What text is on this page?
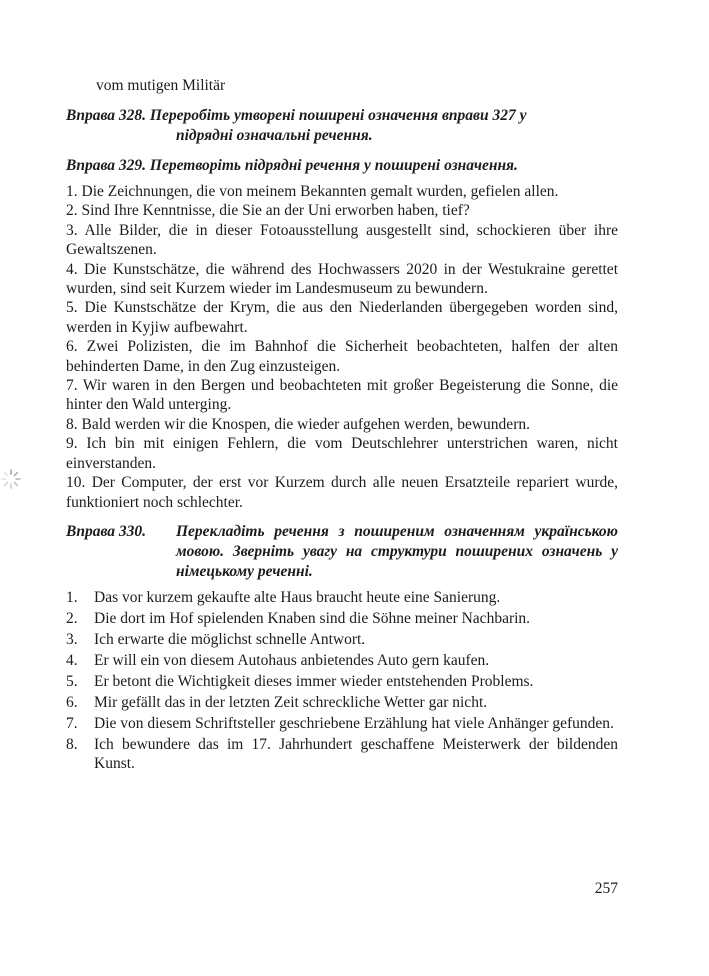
vom mutigen Militär

Вправа 328. Переробіть утворені поширені означення вправи 327 у
підрядні означальні речення.
Вправа 329. Перетворіть підрядні речення у поширені означення.

1. Die Zeichnungen, die von meinem Bekannten gemalt wurden, gefielen allen.

2. Sind Ihre Kenntnisse, die Sie an der Uni erworben haben, tief?

3. Alle Bilder, die in dieser Fotoausstellung ausgestellt sind, schockieren über ihre Gewaltszenen.

4. Die Kunstschätze, die während des Hochwassers 2020 in der Westukraine gerettet wurden, sind seit Kurzem wieder im Landesmuseum zu bewundern.

5. Die Kunstschätze der Krym, die aus den Niederlanden übergegeben worden sind, werden in Kyjiw aufbewahrt.

6. Zwei Polizisten, die im Bahnhof die Sicherheit beobachteten, halfen der alten behinderten Dame, in den Zug einzusteigen.

7. Wir waren in den Bergen und beobachteten mit großer Begeisterung die Sonne, die hinter den Wald unterging.

8. Bald werden wir die Knospen, die wieder aufgehen werden, bewundern.

9. Ich bin mit einigen Fehlern, die vom Deutschlehrer unterstrichen waren, nicht einverstanden.

10. Der Computer, der erst vor Kurzem durch alle neuen Ersatzteile repariert wurde, funktioniert noch schlechter.

Вправа 330.	Перекладіть речення з поширеним означенням українською мовою. Зверніть увагу на структури поширених означень у німецькому реченні.
1. Das vor kurzem gekaufte alte Haus braucht heute eine Sanierung.
2. Die dort im Hof spielenden Knaben sind die Söhne meiner Nachbarin.
3. Ich erwarte die möglichst schnelle Antwort.
4. Er will ein von diesem Autohaus anbietendes Auto gern kaufen.
5. Er betont die Wichtigkeit dieses immer wieder entstehenden Problems.
6. Mir gefällt das in der letzten Zeit schreckliche Wetter gar nicht.
7. Die von diesem Schriftsteller geschriebene Erzählung hat viele Anhänger gefunden.
8. Ich bewundere das im 17. Jahrhundert geschaffene Meisterwerk der bildenden Kunst.
257
